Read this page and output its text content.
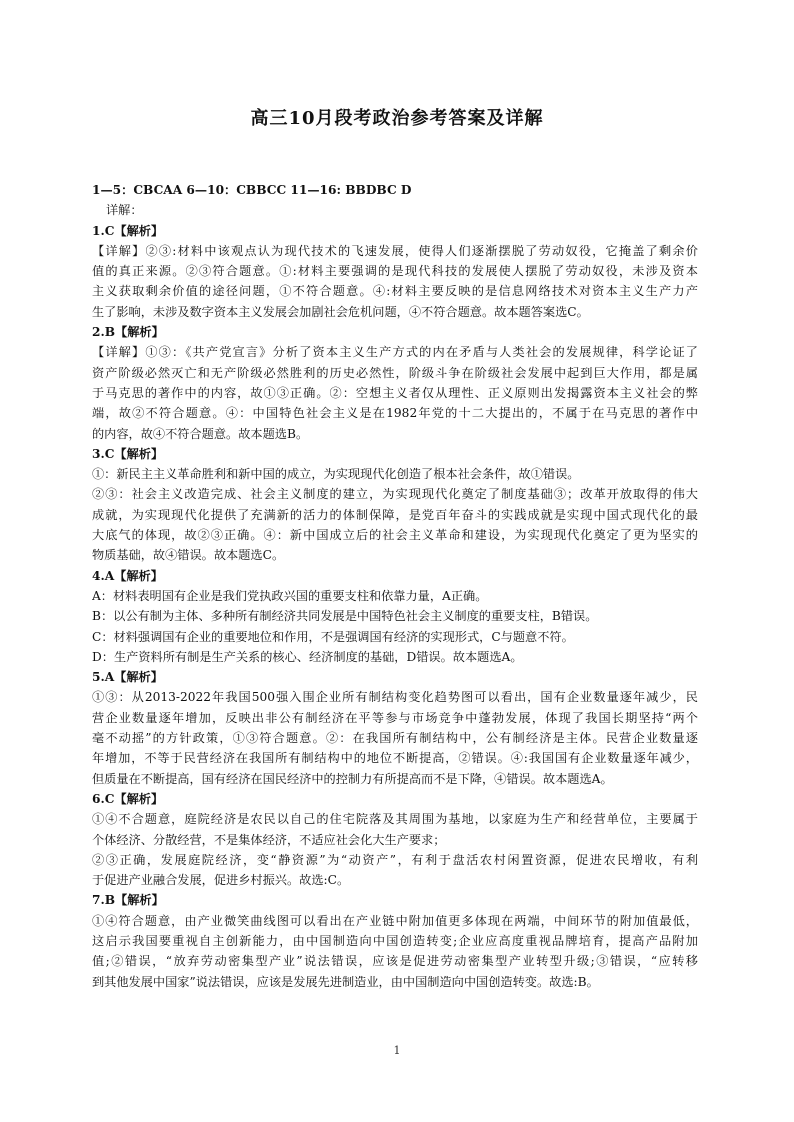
高三10月段考政治参考答案及详解
1—5：CBCAA 6—10：CBBCC 11—16: BBDBC D
详解：
1.C【解析】
【详解】②③:材料中该观点认为现代技术的飞速发展，使得人们逐渐摆脱了劳动奴役，它掩盖了剩余价
值的真正来源。②③符合题意。①:材料主要强调的是现代科技的发展使人摆脱了劳动奴役，未涉及资本
主义获取剩余价值的途径问题，①不符合题意。④:材料主要反映的是信息网络技术对资本主义生产力产
生了影响，未涉及数字资本主义发展会加剧社会危机问题，④不符合题意。故本题答案选C。
2.B【解析】
【详解】①③：《共产党宣言》分析了资本主义生产方式的内在矛盾与人类社会的发展规律，科学论证了
资产阶级必然灭亡和无产阶级必然胜利的历史必然性，阶级斗争在阶级社会发展中起到巨大作用，都是属
于马克思的著作中的内容，故①③正确。②：空想主义者仅从理性、正义原则出发揭露资本主义社会的弊
端，故②不符合题意。④：中国特色社会主义是在1982年党的十二大提出的，不属于在马克思的著作中
的内容，故④不符合题意。故本题选B。
3.C【解析】
①：新民主主义革命胜利和新中国的成立，为实现现代化创造了根本社会条件，故①错误。
②③：社会主义改造完成、社会主义制度的建立，为实现现代化奠定了制度基础③；改革开放取得的伟大
成就，为实现现代化提供了充满新的活力的体制保障，是党百年奋斗的实践成就是实现中国式现代化的最
大底气的体现，故②③正确。④：新中国成立后的社会主义革命和建设，为实现现代化奠定了更为坚实的
物质基础，故④错误。故本题选C。
4.A【解析】
A：材料表明国有企业是我们党执政兴国的重要支柱和依靠力量，A正确。
B：以公有制为主体、多种所有制经济共同发展是中国特色社会主义制度的重要支柱，B错误。
C：材料强调国有企业的重要地位和作用，不是强调国有经济的实现形式，C与题意不符。
D：生产资料所有制是生产关系的核心、经济制度的基础，D错误。故本题选A。
5.A【解析】
①③：从2013-2022年我国500强入围企业所有制结构变化趋势图可以看出，国有企业数量逐年减少，民
营企业数量逐年增加，反映出非公有制经济在平等参与市场竞争中蓬勃发展，体现了我国长期坚持“两个
毫不动摇”的方针政策，①③符合题意。②：在我国所有制结构中，公有制经济是主体。民营企业数量逐
年增加，不等于民营经济在我国所有制结构中的地位不断提高，②错误。④:我国国有企业数量逐年减少，
但质量在不断提高，国有经济在国民经济中的控制力有所提高而不是下降，④错误。故本题选A。
6.C【解析】
①④不合题意，庭院经济是农民以自己的住宅院落及其周围为基地，以家庭为生产和经营单位，主要属于
个体经济、分散经营，不是集体经济，不适应社会化大生产要求；
②③正确，发展庭院经济，变“静资源”为“动资产”，有利于盘活农村闲置资源，促进农民增收，有利
于促进产业融合发展，促进乡村振兴。故选:C。
7.B【解析】
①④符合题意，由产业微笑曲线图可以看出在产业链中附加值更多体现在两端，中间环节的附加值最低，
这启示我国要重视自主创新能力，由中国制造向中国创造转变;企业应高度重视品牌培育，提高产品附加
值;②错误，“放弃劳动密集型产业”说法错误，应该是促进劳动密集型产业转型升级;③错误，“应转移
到其他发展中国家”说法错误，应该是发展先进制造业，由中国制造向中国创造转变。故选:B。
1
